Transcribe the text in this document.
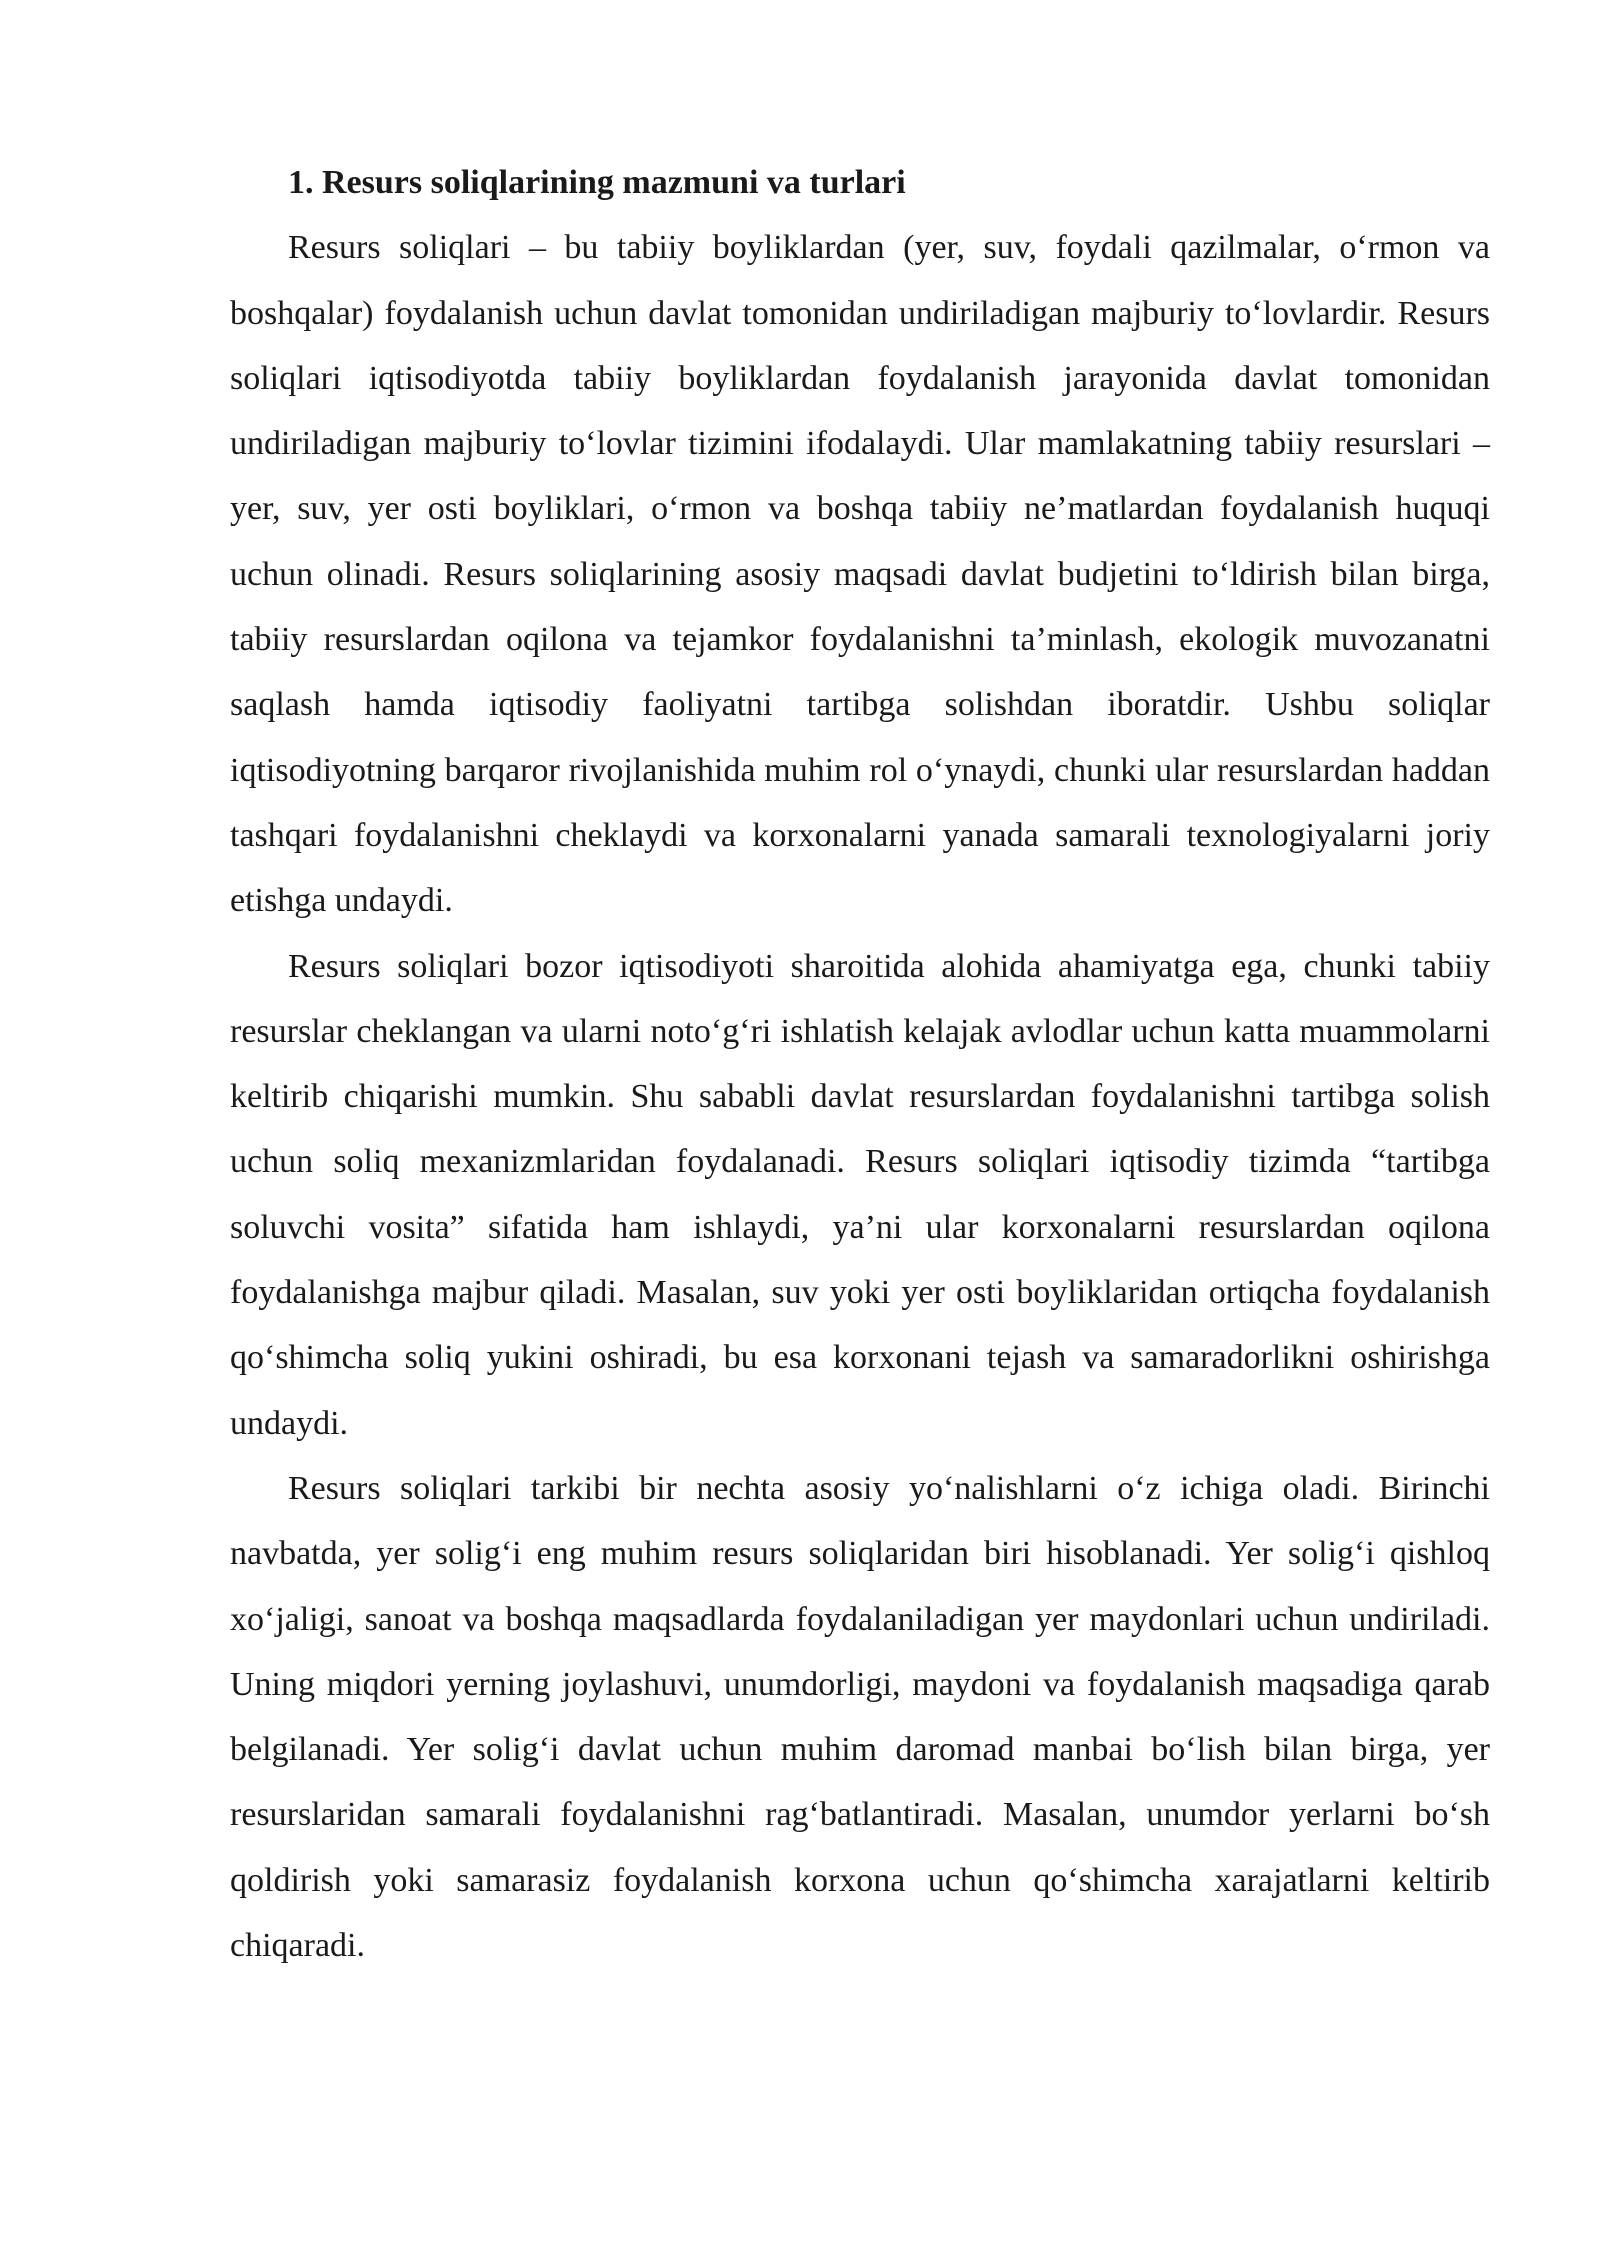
1. Resurs soliqlarining mazmuni va turlari

Resurs soliqlari – bu tabiiy boyliklardan (yer, suv, foydali qazilmalar, oʻrmon va boshqalar) foydalanish uchun davlat tomonidan undiriladigan majburiy toʻlovlardir. Resurs soliqlari iqtisodiyotda tabiiy boyliklardan foydalanish jarayonida davlat tomonidan undiriladigan majburiy toʻlovlar tizimini ifodalaydi. Ular mamlakatning tabiiy resurslari – yer, suv, yer osti boyliklari, oʻrmon va boshqa tabiiy ne’matlardan foydalanish huquqi uchun olinadi. Resurs soliqlarining asosiy maqsadi davlat budjetini toʻldirish bilan birga, tabiiy resurslardan oqilona va tejamkor foydalanishni ta’minlash, ekologik muvozanatni saqlash hamda iqtisodiy faoliyatni tartibga solishdan iboratdir. Ushbu soliqlar iqtisodiyotning barqaror rivojlanishida muhim rol oʻynaydi, chunki ular resurslardan haddan tashqari foydalanishni cheklaydi va korxonalarni yanada samarali texnologiyalarni joriy etishga undaydi.

Resurs soliqlari bozor iqtisodiyoti sharoitida alohida ahamiyatga ega, chunki tabiiy resurslar cheklangan va ularni notoʻgʻri ishlatish kelajak avlodlar uchun katta muammolarni keltirib chiqarishi mumkin. Shu sababli davlat resurslardan foydalanishni tartibga solish uchun soliq mexanizmlaridan foydalanadi. Resurs soliqlari iqtisodiy tizimda “tartibga soluvchi vosita” sifatida ham ishlaydi, ya’ni ular korxonalarni resurslardan oqilona foydalanishga majbur qiladi. Masalan, suv yoki yer osti boyliklaridan ortiqcha foydalanish qoʻshimcha soliq yukini oshiradi, bu esa korxonani tejash va samaradorlikni oshirishga undaydi.

Resurs soliqlari tarkibi bir nechta asosiy yoʻnalishlarni oʻz ichiga oladi. Birinchi navbatda, yer soligʻi eng muhim resurs soliqlaridan biri hisoblanadi. Yer soligʻi qishloq xoʻjaligi, sanoat va boshqa maqsadlarda foydalaniladigan yer maydonlari uchun undiriladi. Uning miqdori yerning joylashuvi, unumdorligi, maydoni va foydalanish maqsadiga qarab belgilanadi. Yer soligʻi davlat uchun muhim daromad manbai boʻlish bilan birga, yer resurslaridan samarali foydalanishni ragʻbatlantiradi. Masalan, unumdor yerlarni boʻsh qoldirish yoki samarasiz foydalanish korxona uchun qoʻshimcha xarajatlarni keltirib chiqaradi.
